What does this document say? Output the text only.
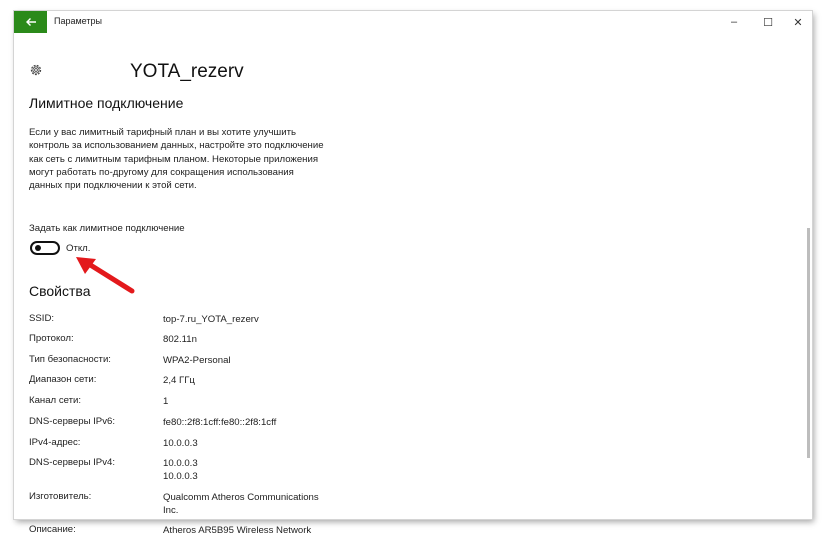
Параметры	–	☐	✕
YOTA_rezerv
Лимитное подключение
Если у вас лимитный тарифный план и вы хотите улучшить контроль за использованием данных, настройте это подключение как сеть с лимитным тарифным планом. Некоторые приложения могут работать по-другому для сокращения использования данных при подключении к этой сети.
Задать как лимитное подключение
Откл.
Свойства
SSID:	top-7.ru_YOTA_rezerv
Протокол:	802.11n
Тип безопасности:	WPA2-Personal
Диапазон сети:	2,4 ГГц
Канал сети:	1
DNS-серверы IPv6:	fe80::2f8:1cff:fe80::2f8:1cff
IPv4-адрес:	10.0.0.3
DNS-серверы IPv4:	10.0.0.3
10.0.0.3
Изготовитель:	Qualcomm Atheros Communications
Inc.
Описание:	Atheros AR5B95 Wireless Network
